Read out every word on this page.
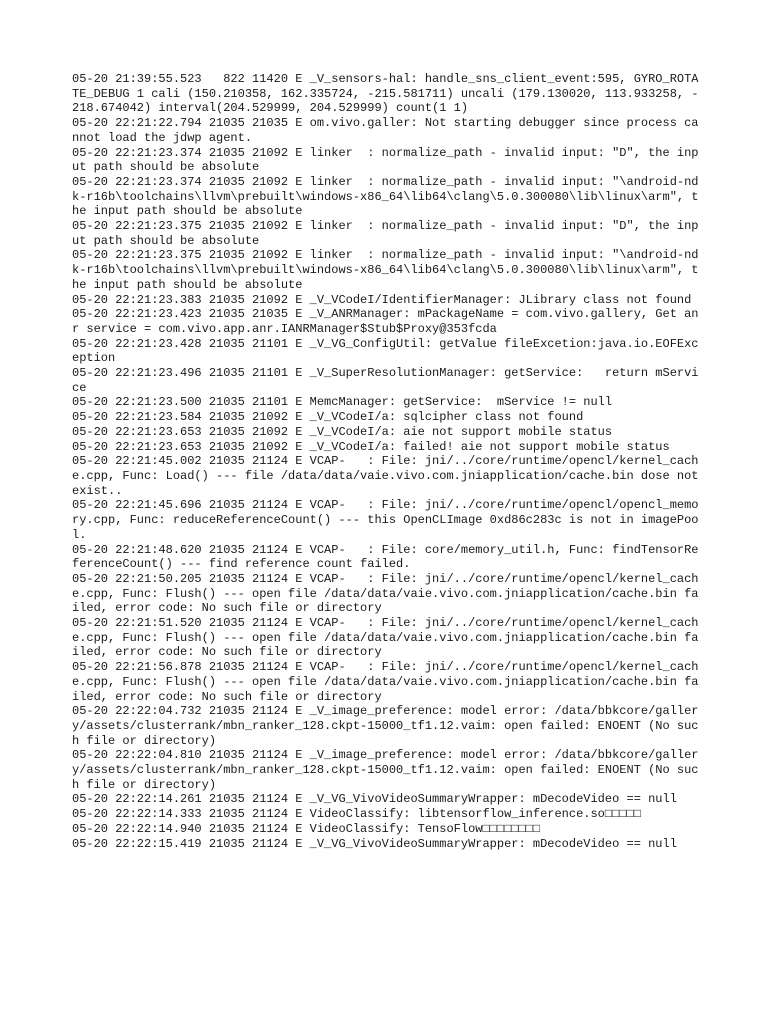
05-20 21:39:55.523   822 11420 E _V_sensors-hal: handle_sns_client_event:595, GYRO_ROTATE_DEBUG 1 cali (150.210358, 162.335724, -215.581711) uncali (179.130020, 113.933258, -218.674042) interval(204.529999, 204.529999) count(1 1)

05-20 22:21:22.794 21035 21035 E om.vivo.galler: Not starting debugger since process cannot load the jdwp agent.

05-20 22:21:23.374 21035 21092 E linker  : normalize_path - invalid input: "D", the input path should be absolute

05-20 22:21:23.374 21035 21092 E linker  : normalize_path - invalid input: "\android-ndk-r16b\toolchains\llvm\prebuilt\windows-x86_64\lib64\clang\5.0.300080\lib\linux\arm", the input path should be absolute

05-20 22:21:23.375 21035 21092 E linker  : normalize_path - invalid input: "D", the input path should be absolute

05-20 22:21:23.375 21035 21092 E linker  : normalize_path - invalid input: "\android-ndk-r16b\toolchains\llvm\prebuilt\windows-x86_64\lib64\clang\5.0.300080\lib\linux\arm", the input path should be absolute

05-20 22:21:23.383 21035 21092 E _V_VCodeI/IdentifierManager: JLibrary class not found

05-20 22:21:23.423 21035 21035 E _V_ANRManager: mPackageName = com.vivo.gallery, Get anr service = com.vivo.app.anr.IANRManager$Stub$Proxy@353fcda

05-20 22:21:23.428 21035 21101 E _V_VG_ConfigUtil: getValue fileExcetion:java.io.EOFException

05-20 22:21:23.496 21035 21101 E _V_SuperResolutionManager: getService:   return mService

05-20 22:21:23.500 21035 21101 E MemcManager: getService:  mService != null

05-20 22:21:23.584 21035 21092 E _V_VCodeI/a: sqlcipher class not found

05-20 22:21:23.653 21035 21092 E _V_VCodeI/a: aie not support mobile status

05-20 22:21:23.653 21035 21092 E _V_VCodeI/a: failed! aie not support mobile status

05-20 22:21:45.002 21035 21124 E VCAP-   : File: jni/../core/runtime/opencl/kernel_cache.cpp, Func: Load() --- file /data/data/vaie.vivo.com.jniapplication/cache.bin dose not exist..

05-20 22:21:45.696 21035 21124 E VCAP-   : File: jni/../core/runtime/opencl/opencl_memory.cpp, Func: reduceReferenceCount() --- this OpenCLImage 0xd86c283c is not in imagePool.

05-20 22:21:48.620 21035 21124 E VCAP-   : File: core/memory_util.h, Func: findTensorReferenceCount() --- find reference count failed.

05-20 22:21:50.205 21035 21124 E VCAP-   : File: jni/../core/runtime/opencl/kernel_cache.cpp, Func: Flush() --- open file /data/data/vaie.vivo.com.jniapplication/cache.bin failed, error code: No such file or directory

05-20 22:21:51.520 21035 21124 E VCAP-   : File: jni/../core/runtime/opencl/kernel_cache.cpp, Func: Flush() --- open file /data/data/vaie.vivo.com.jniapplication/cache.bin failed, error code: No such file or directory

05-20 22:21:56.878 21035 21124 E VCAP-   : File: jni/../core/runtime/opencl/kernel_cache.cpp, Func: Flush() --- open file /data/data/vaie.vivo.com.jniapplication/cache.bin failed, error code: No such file or directory

05-20 22:22:04.732 21035 21124 E _V_image_preference: model error: /data/bbkcore/gallery/assets/clusterrank/mbn_ranker_128.ckpt-15000_tf1.12.vaim: open failed: ENOENT (No such file or directory)

05-20 22:22:04.810 21035 21124 E _V_image_preference: model error: /data/bbkcore/gallery/assets/clusterrank/mbn_ranker_128.ckpt-15000_tf1.12.vaim: open failed: ENOENT (No such file or directory)

05-20 22:22:14.261 21035 21124 E _V_VG_VivoVideoSummaryWrapper: mDecodeVideo == null

05-20 22:22:14.333 21035 21124 E VideoClassify: libtensorflow_inference.so□□□□□

05-20 22:22:14.940 21035 21124 E VideoClassify: TensoFlow□□□□□□□□

05-20 22:22:15.419 21035 21124 E _V_VG_VivoVideoSummaryWrapper: mDecodeVideo == null
